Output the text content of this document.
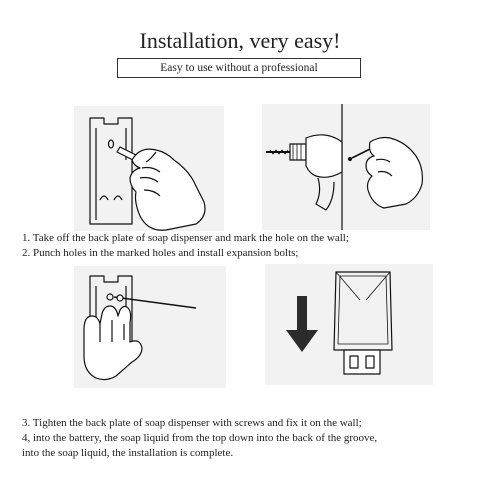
Installation, very easy!
Easy to use without a professional
1. Take off the back plate of soap dispenser and mark the hole on the wall;
2. Punch holes in the marked holes and install expansion bolts;
3. Tighten the back plate of soap dispenser with screws and fix it on the wall;
4, into the battery, the soap liquid from the top down into the back of the groove,
into the soap liquid, the installation is complete.
